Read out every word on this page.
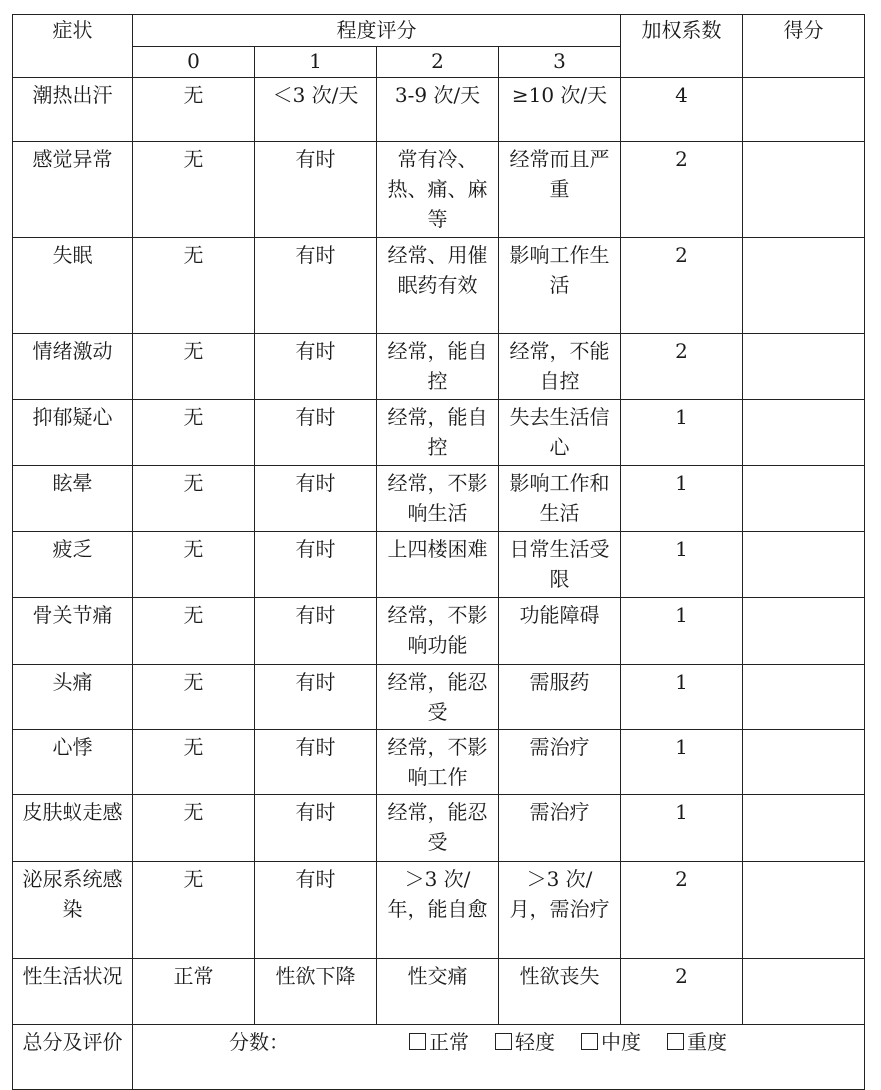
症状	程度评分				加权系数	得分
	0	1	2	3		
潮热出汗	无	＜3 次/天	3-9 次/天	≥10 次/天	4	
感觉异常	无	有时	常有冷、热、痛、麻等	经常而且严重	2	
失眠	无	有时	经常、用催眠药有效	影响工作生活	2	
情绪激动	无	有时	经常，能自控	经常，不能自控	2	
抑郁疑心	无	有时	经常，能自控	失去生活信心	1	
眩晕	无	有时	经常，不影响生活	影响工作和生活	1	
疲乏	无	有时	上四楼困难	日常生活受限	1	
骨关节痛	无	有时	经常，不影响功能	功能障碍	1	
头痛	无	有时	经常，能忍受	需服药	1	
心悸	无	有时	经常，不影响工作	需治疗	1	
皮肤蚁走感	无	有时	经常，能忍受	需治疗	1	
泌尿系统感染	无	有时	＞3 次/年，能自愈	＞3 次/月，需治疗	2	
性生活状况	正常	性欲下降	性交痛	性欲丧失	2	
总分及评价	分数： 正常 轻度 中度 重度					
